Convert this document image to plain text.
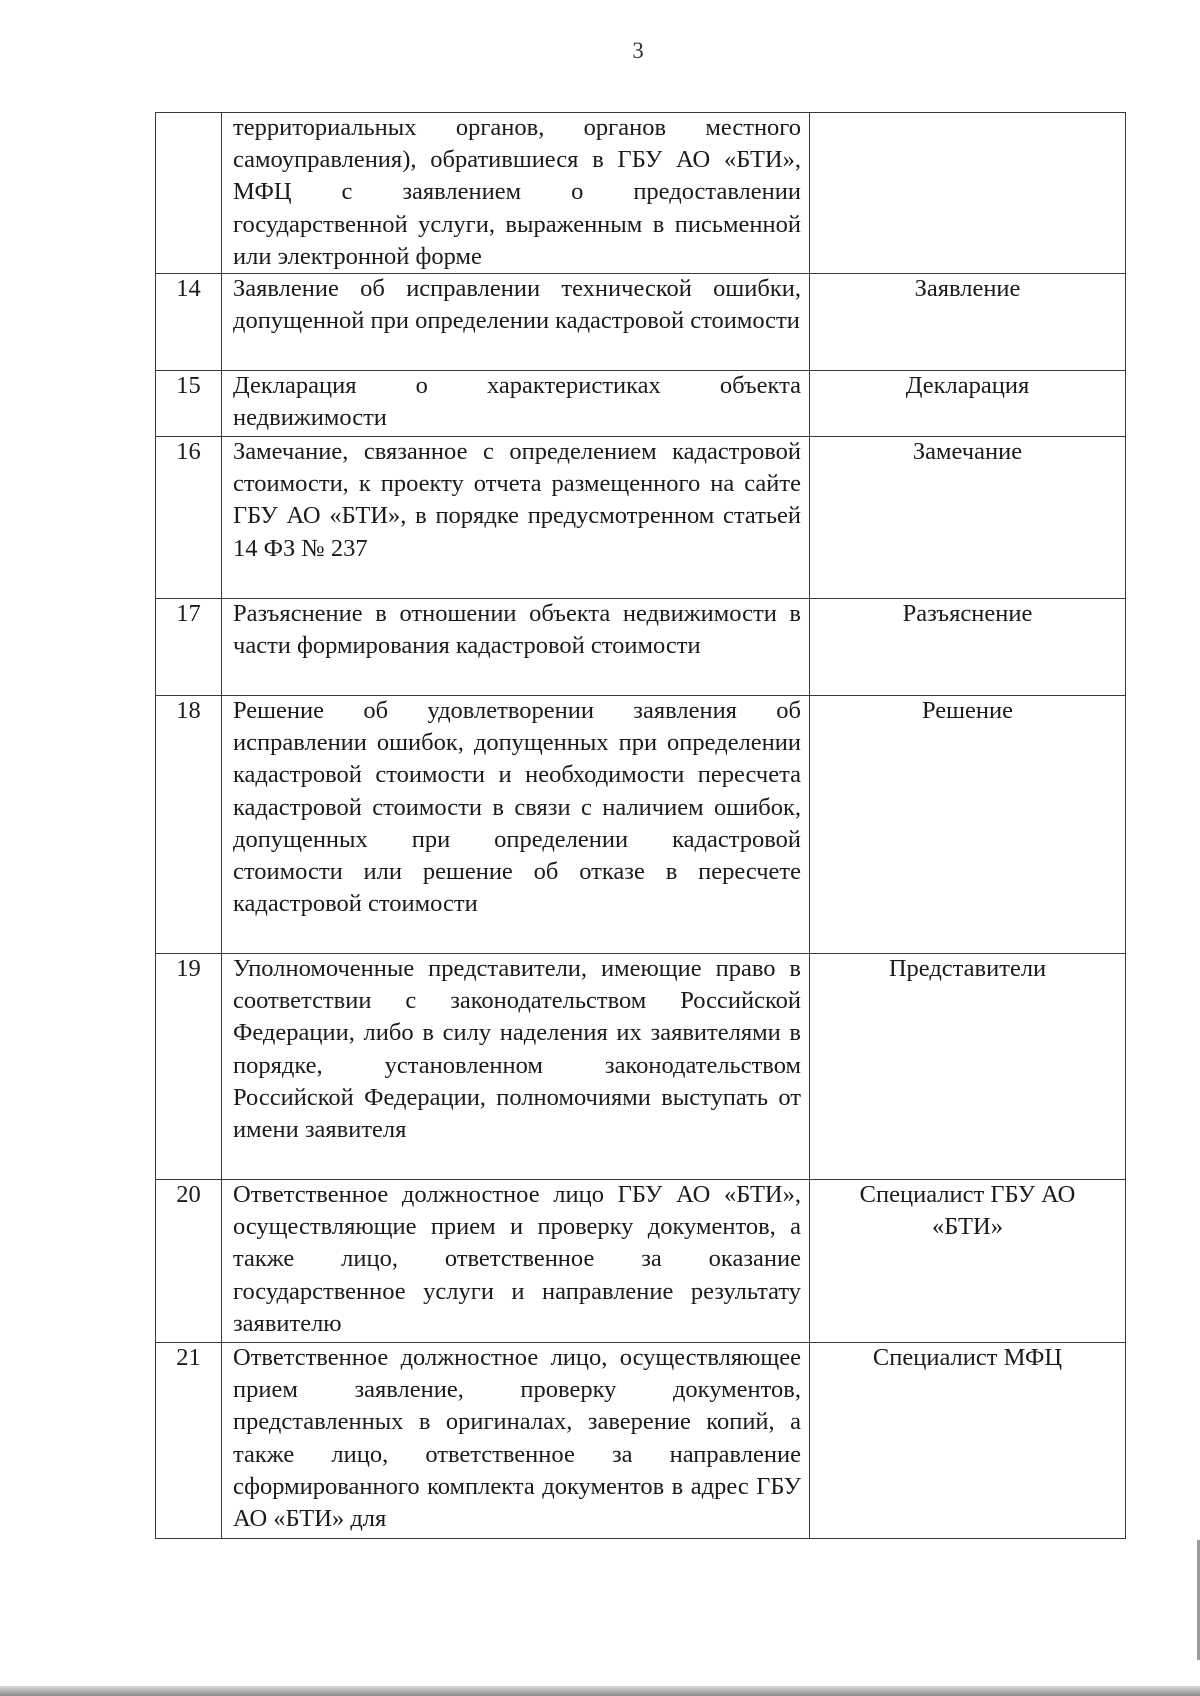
3

	территориальных органов, органов местного самоуправления), обратившиеся в ГБУ АО «БТИ», МФЦ с заявлением о предоставлении государственной услуги, выраженным в письменной или электронной форме	

14	Заявление об исправлении технической ошибки, допущенной при определении кадастровой стоимости	Заявление

15	Декларация о характеристиках объекта недвижимости	Декларация

16	Замечание, связанное с определением кадастровой стоимости, к проекту отчета размещенного на сайте ГБУ АО «БТИ», в порядке предусмотренном статьей 14 ФЗ № 237	Замечание

17	Разъяснение в отношении объекта недвижимости в части формирования кадастровой стоимости	Разъяснение

18	Решение об удовлетворении заявления об исправлении ошибок, допущенных при определении кадастровой стоимости и необходимости пересчета кадастровой стоимости в связи с наличием ошибок, допущенных при определении кадастровой стоимости или решение об отказе в пересчете кадастровой стоимости	Решение

19	Уполномоченные представители, имеющие право в соответствии с законодательством Российской Федерации, либо в силу наделения их заявителями в порядке, установленном законодательством Российской Федерации, полномочиями выступать от имени заявителя	Представители

20	Ответственное должностное лицо ГБУ АО «БТИ», осуществляющие прием и проверку документов, а также лицо, ответственное за оказание государственное услуги и направление результату заявителю	Специалист ГБУ АО «БТИ»

21	Ответственное должностное лицо, осуществляющее прием заявление, проверку документов, представленных в оригиналах, заверение копий, а также лицо, ответственное за направление сформированного комплекта документов в адрес ГБУ АО «БТИ» для	Специалист МФЦ
